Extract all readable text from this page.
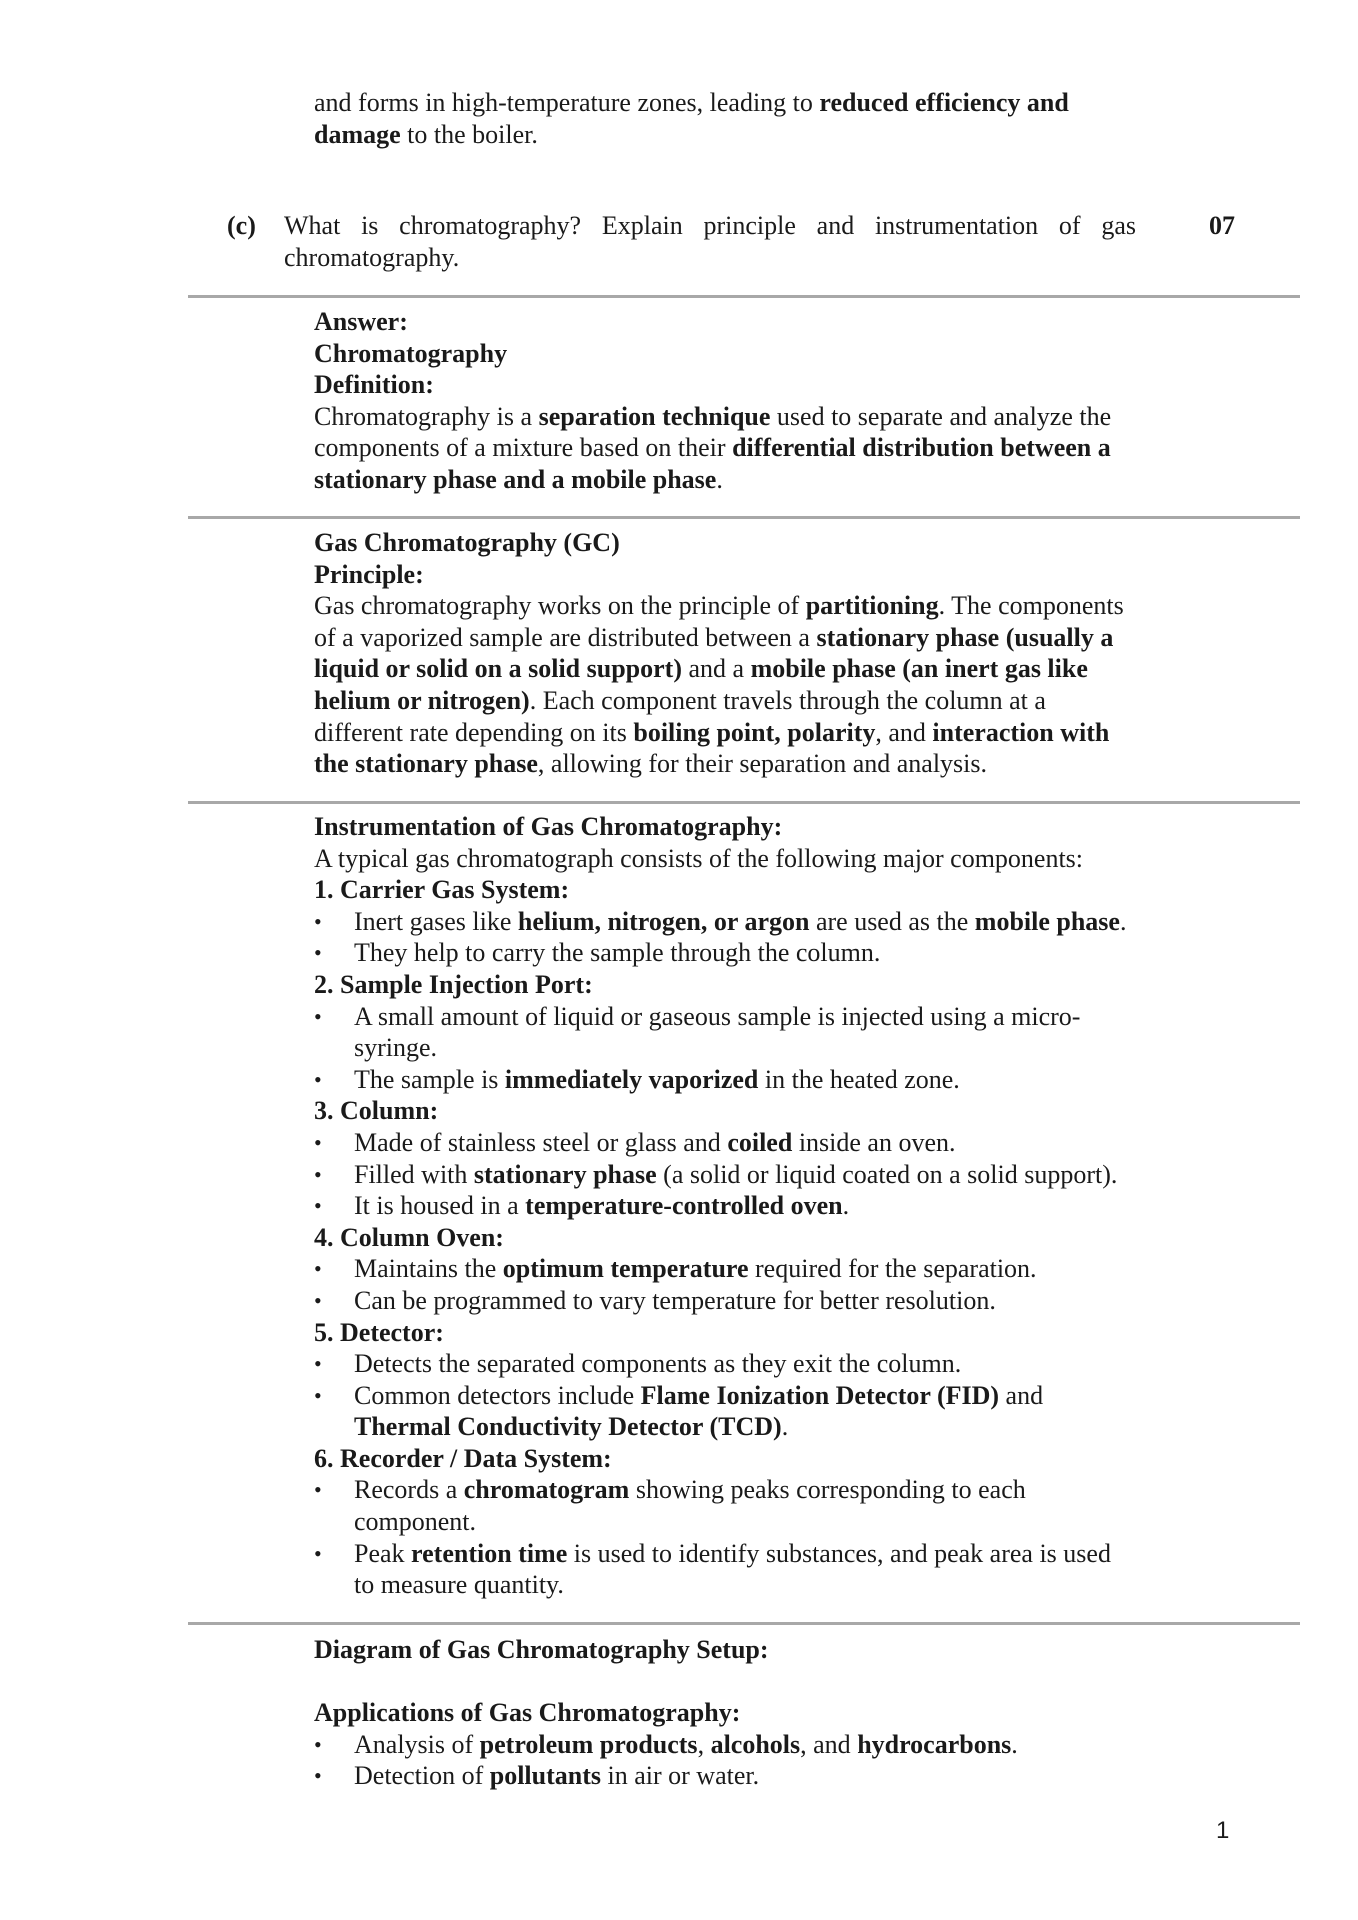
and forms in high-temperature zones, leading to reduced efficiency and
damage to the boiler.
(c) What is chromatography? Explain principle and instrumentation of gas
chromatography.
07
Answer:
Chromatography
Definition:
Chromatography is a separation technique used to separate and analyze the
components of a mixture based on their differential distribution between a
stationary phase and a mobile phase.
Gas Chromatography (GC)
Principle:
Gas chromatography works on the principle of partitioning. The components
of a vaporized sample are distributed between a stationary phase (usually a
liquid or solid on a solid support) and a mobile phase (an inert gas like
helium or nitrogen). Each component travels through the column at a
different rate depending on its boiling point, polarity, and interaction with
the stationary phase, allowing for their separation and analysis.
Instrumentation of Gas Chromatography:
A typical gas chromatograph consists of the following major components:
1. Carrier Gas System:
• Inert gases like helium, nitrogen, or argon are used as the mobile phase.
• They help to carry the sample through the column.
2. Sample Injection Port:
• A small amount of liquid or gaseous sample is injected using a micro-
syringe.
• The sample is immediately vaporized in the heated zone.
3. Column:
• Made of stainless steel or glass and coiled inside an oven.
• Filled with stationary phase (a solid or liquid coated on a solid support).
• It is housed in a temperature-controlled oven.
4. Column Oven:
• Maintains the optimum temperature required for the separation.
• Can be programmed to vary temperature for better resolution.
5. Detector:
• Detects the separated components as they exit the column.
• Common detectors include Flame Ionization Detector (FID) and
Thermal Conductivity Detector (TCD).
6. Recorder / Data System:
• Records a chromatogram showing peaks corresponding to each
component.
• Peak retention time is used to identify substances, and peak area is used
to measure quantity.
Diagram of Gas Chromatography Setup:
Applications of Gas Chromatography:
• Analysis of petroleum products, alcohols, and hydrocarbons.
• Detection of pollutants in air or water.
1
